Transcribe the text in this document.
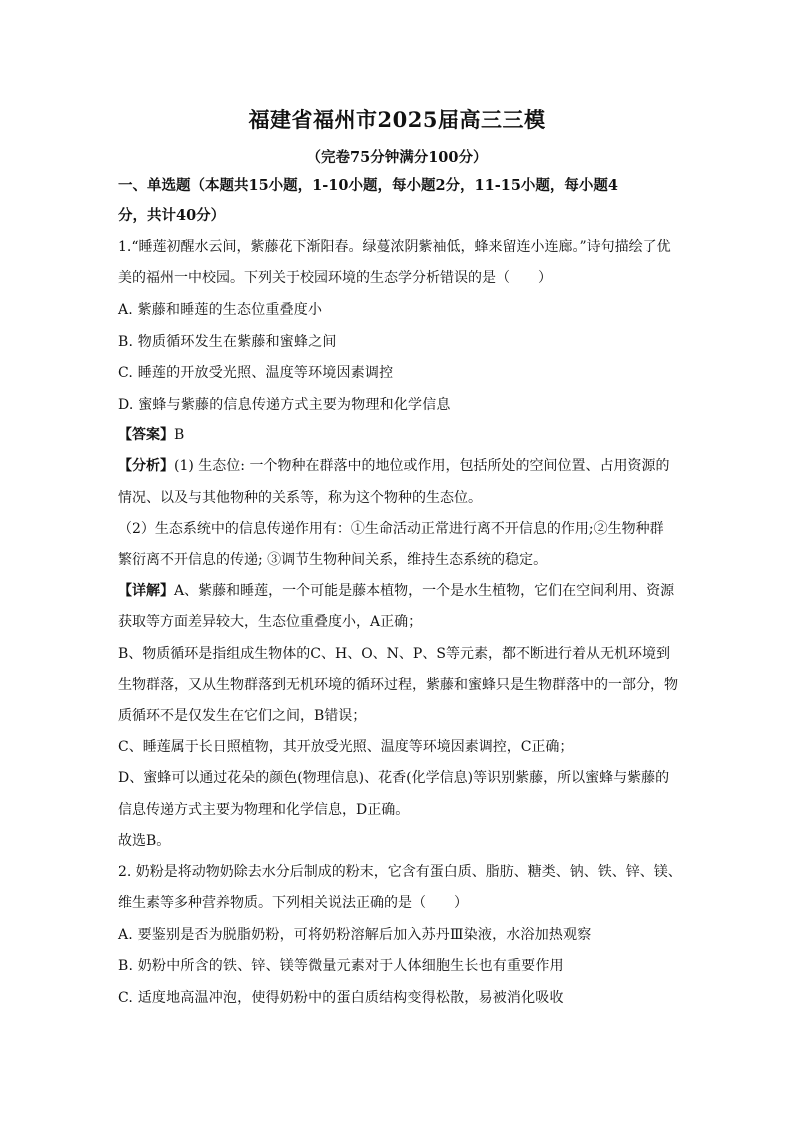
福建省福州市2025届高三三模
（完卷75分钟满分100分）
一、单选题（本题共15小题，1-10小题，每小题2分，11-15小题，每小题4
分，共计40分）
1.“睡莲初醒水云间，紫藤花下渐阳春。绿蔓浓阴紫袖低，蜂来留连小连廊。”诗句描绘了优
美的福州一中校园。下列关于校园环境的生态学分析错误的是（　　）
A. 紫藤和睡莲的生态位重叠度小
B. 物质循环发生在紫藤和蜜蜂之间
C. 睡莲的开放受光照、温度等环境因素调控
D. 蜜蜂与紫藤的信息传递方式主要为物理和化学信息
【答案】B
【分析】(1) 生态位: 一个物种在群落中的地位或作用，包括所处的空间位置、占用资源的
情况、以及与其他物种的关系等，称为这个物种的生态位。
（2）生态系统中的信息传递作用有：①生命活动正常进行离不开信息的作用;②生物种群
繁衍离不开信息的传递; ③调节生物种间关系，维持生态系统的稳定。
【详解】A、紫藤和睡莲，一个可能是藤本植物，一个是水生植物，它们在空间利用、资源
获取等方面差异较大，生态位重叠度小，A正确；
B、物质循环是指组成生物体的C、H、O、N、P、S等元素，都不断进行着从无机环境到
生物群落，又从生物群落到无机环境的循环过程，紫藤和蜜蜂只是生物群落中的一部分，物
质循环不是仅发生在它们之间，B错误；
C、睡莲属于长日照植物，其开放受光照、温度等环境因素调控，C正确；
D、蜜蜂可以通过花朵的颜色(物理信息)、花香(化学信息)等识别紫藤，所以蜜蜂与紫藤的
信息传递方式主要为物理和化学信息，D正确。
故选B。
2. 奶粉是将动物奶除去水分后制成的粉末，它含有蛋白质、脂肪、糖类、钠、铁、锌、镁、
维生素等多种营养物质。下列相关说法正确的是（　　）
A. 要鉴别是否为脱脂奶粉，可将奶粉溶解后加入苏丹Ⅲ染液，水浴加热观察
B. 奶粉中所含的铁、锌、镁等微量元素对于人体细胞生长也有重要作用
C. 适度地高温冲泡，使得奶粉中的蛋白质结构变得松散，易被消化吸收
